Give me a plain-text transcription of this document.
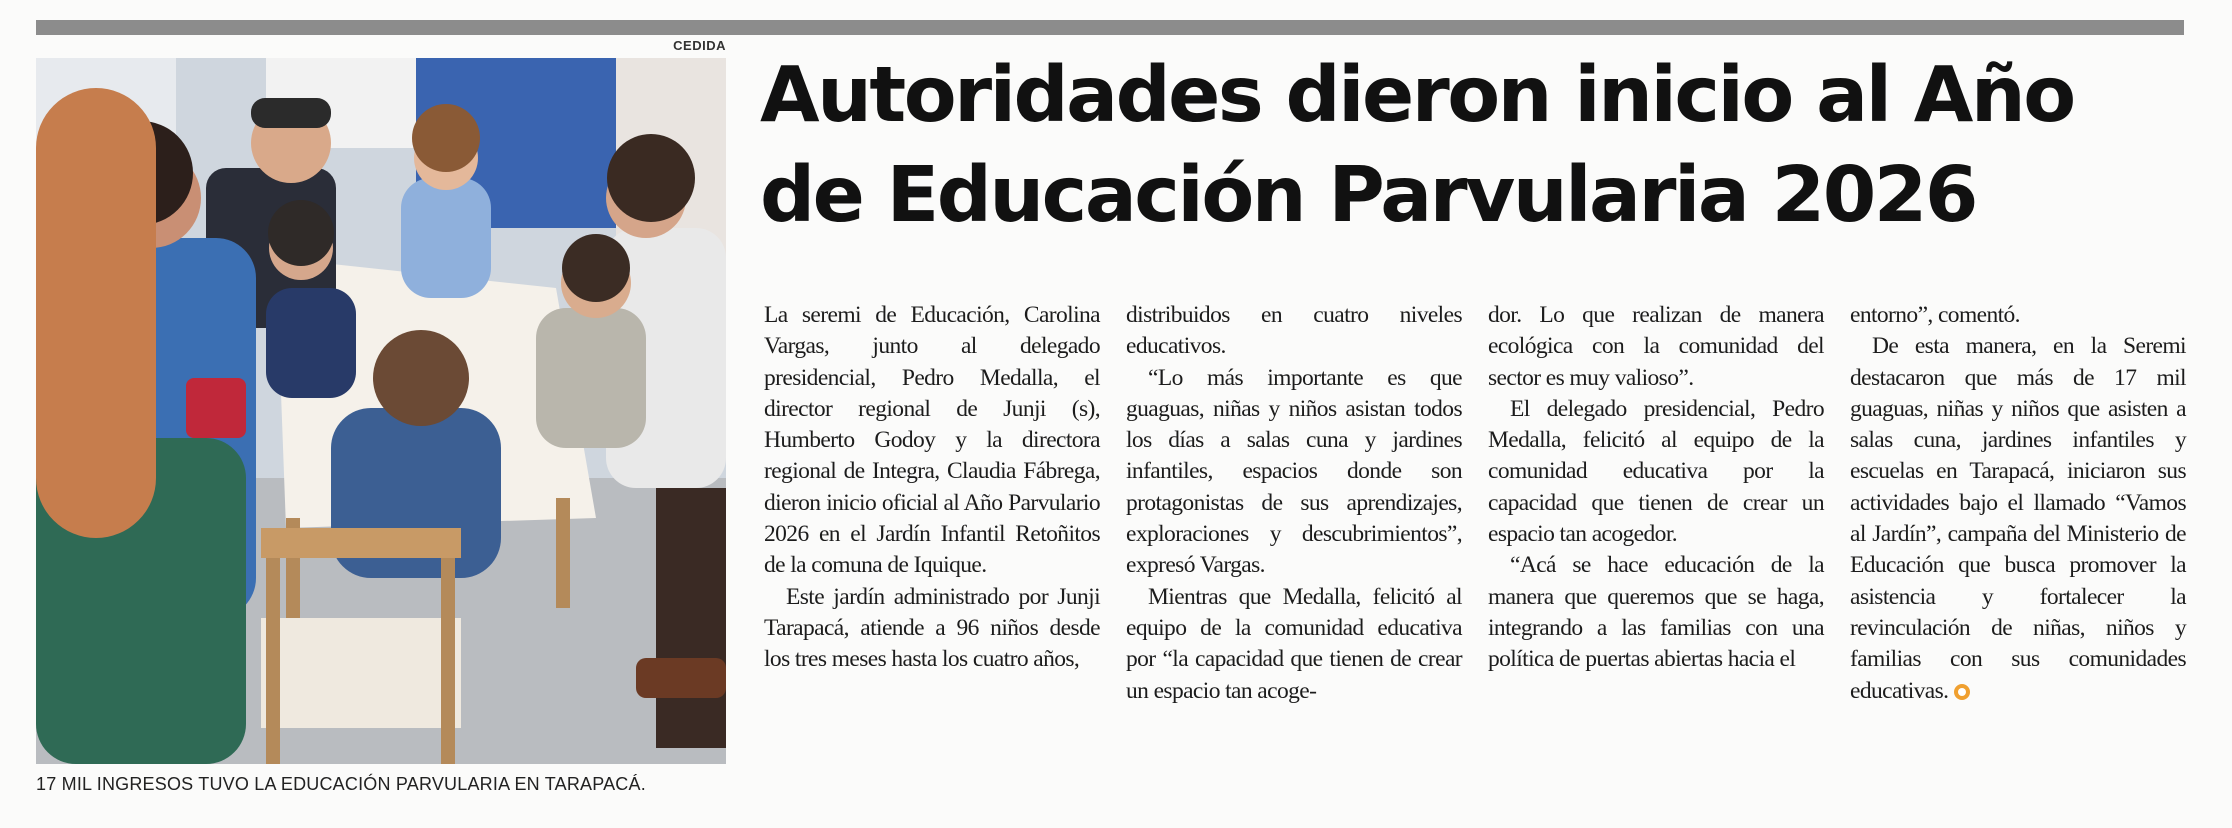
CEDIDA
17 MIL INGRESOS TUVO LA EDUCACIÓN PARVULARIA EN TARAPACÁ.
Autoridades dieron inicio al Año de Educación Parvularia 2026

La seremi de Educación, Carolina Vargas, junto al delegado presidencial, Pedro Medalla, el director regional de Junji (s), Humberto Godoy y la directora regional de Integra, Claudia Fábrega, dieron inicio oficial al Año Parvulario 2026 en el Jardín Infantil Retoñitos de la comuna de Iquique.

Este jardín administrado por Junji Tarapacá, atiende a 96 niños desde los tres meses hasta los cuatro años,

distribuidos en cuatro niveles educativos.

“Lo más importante es que guaguas, niñas y niños asistan todos los días a salas cuna y jardines infantiles, espacios donde son protagonistas de sus aprendizajes, exploraciones y descubrimientos”, expresó Vargas.

Mientras que Medalla, felicitó al equipo de la comunidad educativa por “la capacidad que tienen de crear un espacio tan acoge-

dor. Lo que realizan de manera ecológica con la comunidad del sector es muy valioso”.

El delegado presidencial, Pedro Medalla, felicitó al equipo de la comunidad educativa por la capacidad que tienen de crear un espacio tan acogedor.

“Acá se hace educación de la manera que queremos que se haga, integrando a las familias con una política de puertas abiertas hacia el

entorno”, comentó.

De esta manera, en la Seremi destacaron que más de 17 mil guaguas, niñas y niños que asisten a salas cuna, jardines infantiles y escuelas en Tarapacá, iniciaron sus actividades bajo el llamado “Vamos al Jardín”, campaña del Ministerio de Educación que busca promover la asistencia y fortalecer la revinculación de niñas, niños y familias con sus comunidades educativas.
